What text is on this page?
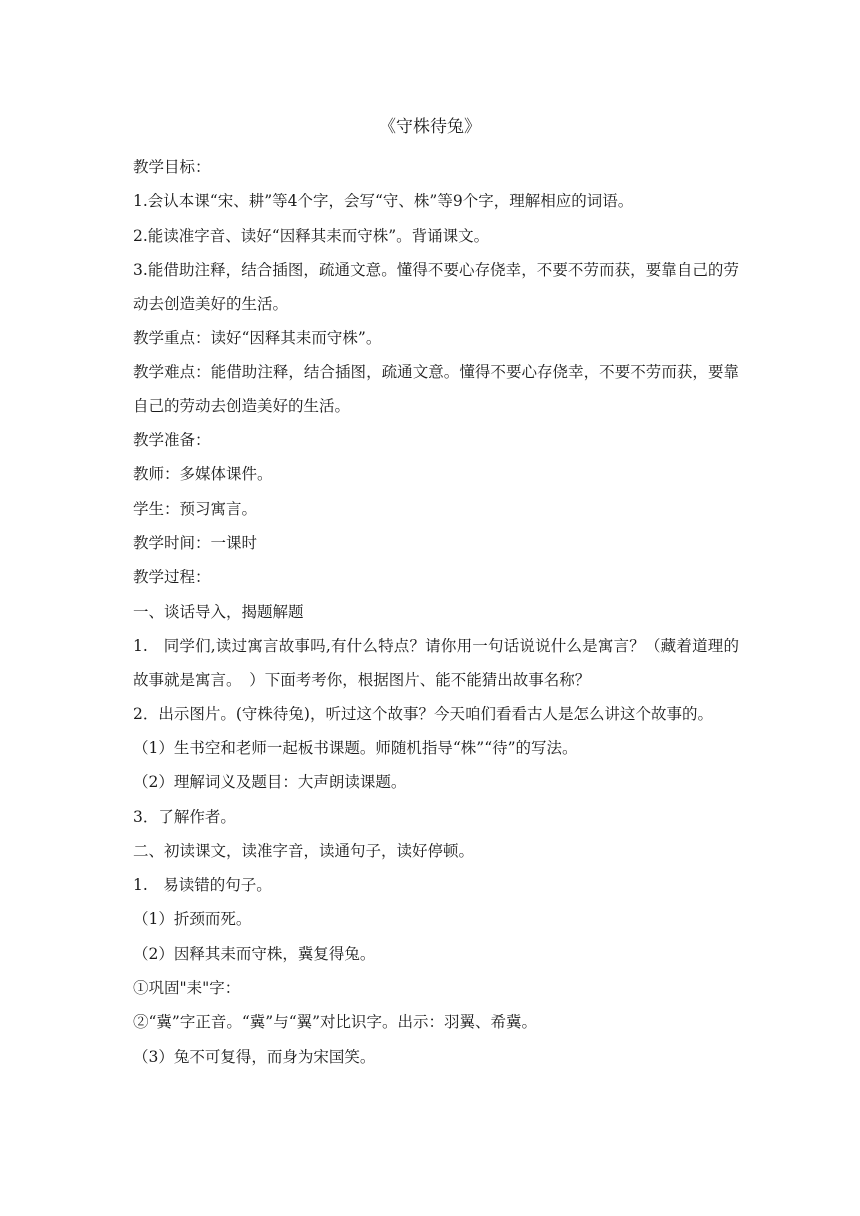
《守株待兔》
教学目标：
1.会认本课“宋、耕”等4个字，会写“守、株”等9个字，理解相应的词语。
2.能读准字音、读好“因释其耒而守株”。背诵课文。
3.能借助注释，结合插图，疏通文意。懂得不要心存侥幸，不要不劳而获，要靠自己的劳动去创造美好的生活。
教学重点：读好“因释其耒而守株”。
教学难点：能借助注释，结合插图，疏通文意。懂得不要心存侥幸，不要不劳而获，要靠自己的劳动去创造美好的生活。
教学准备：
教师：多媒体课件。
学生：预习寓言。
教学时间：一课时
教学过程：
一、谈话导入，揭题解题
1.　同学们,读过寓言故事吗,有什么特点？请你用一句话说说什么是寓言？（藏着道理的故事就是寓言。　）下面考考你，根据图片、能不能猜出故事名称？
2．出示图片。(守株待兔)，听过这个故事？今天咱们看看古人是怎么讲这个故事的。
（1）生书空和老师一起板书课题。师随机指导“株”“待”的写法。
（2）理解词义及题目：大声朗读课题。
3．了解作者。
二、初读课文，读准字音，读通句子，读好停顿。
1.　易读错的句子。
（1）折颈而死。
（2）因释其耒而守株，冀复得兔。
①巩固"耒"字：
②“冀”字正音。“冀”与“翼”对比识字。出示：羽翼、希冀。
（3）兔不可复得，而身为宋国笑。
